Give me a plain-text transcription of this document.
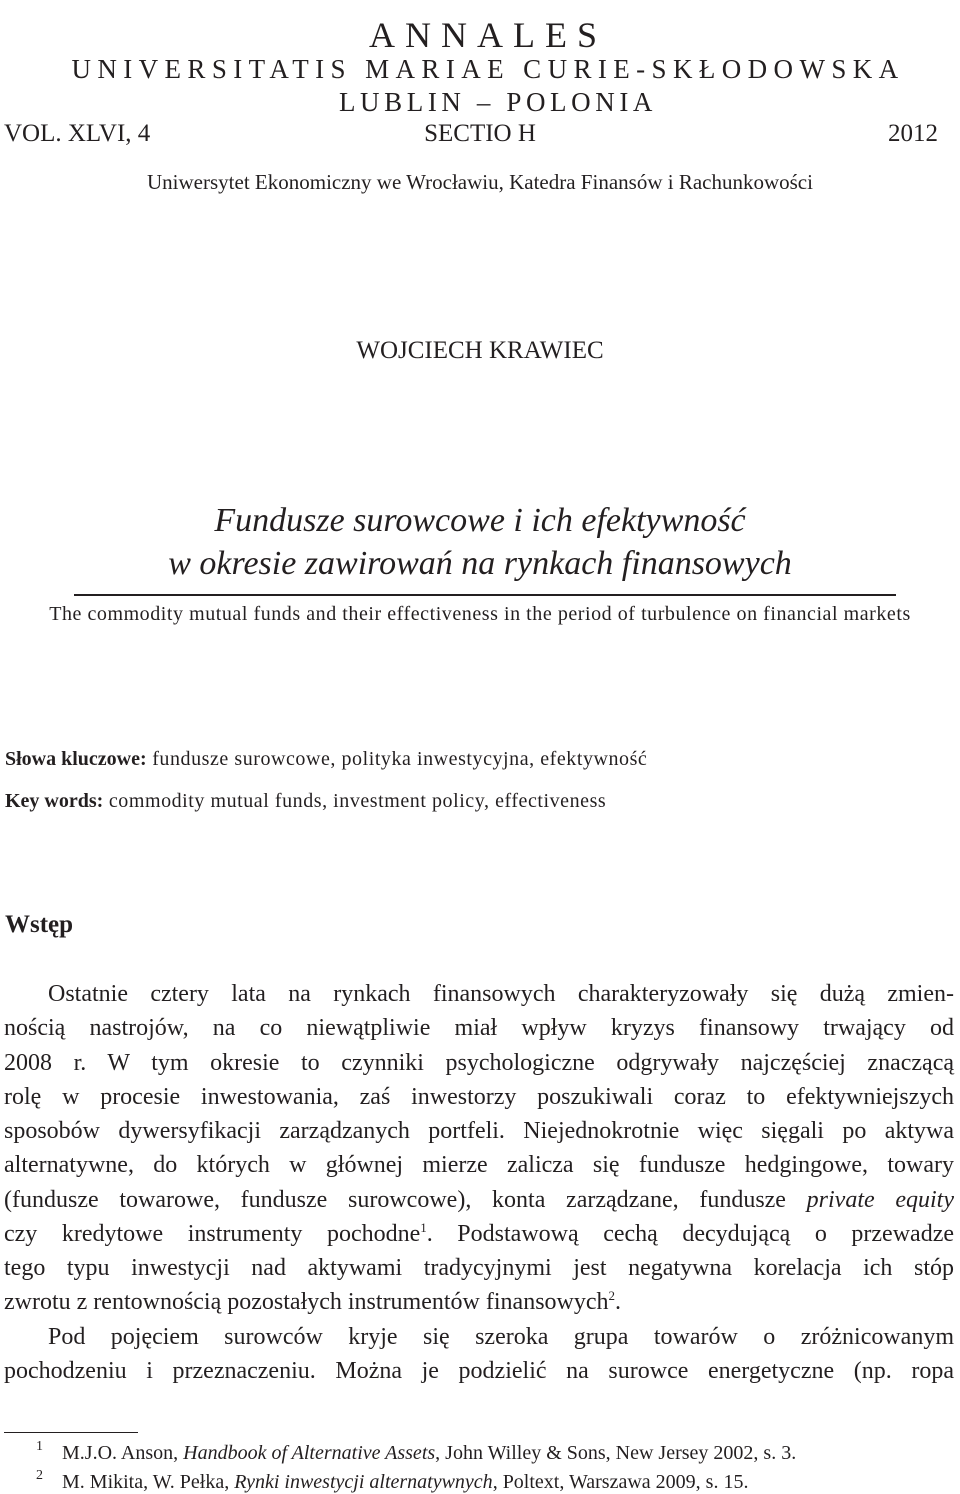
ANNALES
UNIVERSITATIS MARIAE CURIE-SKŁODOWSKA
LUBLIN – POLONIA
VOL. XLVI, 4	SECTIO H	2012
Uniwersytet Ekonomiczny we Wrocławiu, Katedra Finansów i Rachunkowości
WOJCIECH KRAWIEC
Fundusze surowcowe i ich efektywność
w okresie zawirowań na rynkach finansowych
The commodity mutual funds and their effectiveness in the period of turbulence on financial markets
Słowa kluczowe: fundusze surowcowe, polityka inwestycyjna, efektywność
Key words: commodity mutual funds, investment policy, effectiveness
Wstęp
Ostatnie cztery lata na rynkach finansowych charakteryzowały się dużą zmien-
nością nastrojów, na co niewątpliwie miał wpływ kryzys finansowy trwający od
2008 r. W tym okresie to czynniki psychologiczne odgrywały najczęściej znaczącą
rolę w procesie inwestowania, zaś inwestorzy poszukiwali coraz to efektywniejszych
sposobów dywersyfikacji zarządzanych portfeli. Niejednokrotnie więc sięgali po aktywa
alternatywne, do których w głównej mierze zalicza się fundusze hedgingowe, towary
(fundusze towarowe, fundusze surowcowe), konta zarządzane, fundusze private equity
czy kredytowe instrumenty pochodne$^1$. Podstawową cechą decydującą o przewadze
tego typu inwestycji nad aktywami tradycyjnymi jest negatywna korelacja ich stóp
zwrotu z rentownością pozostałych instrumentów finansowych$^2$.
Pod pojęciem surowców kryje się szeroka grupa towarów o zróżnicowanym
pochodzeniu i przeznaczeniu. Można je podzielić na surowce energetyczne (np. ropa
1 M.J.O. Anson, Handbook of Alternative Assets, John Willey & Sons, New Jersey 2002, s. 3.
2 M. Mikita, W. Pełka, Rynki inwestycji alternatywnych, Poltext, Warszawa 2009, s. 15.
